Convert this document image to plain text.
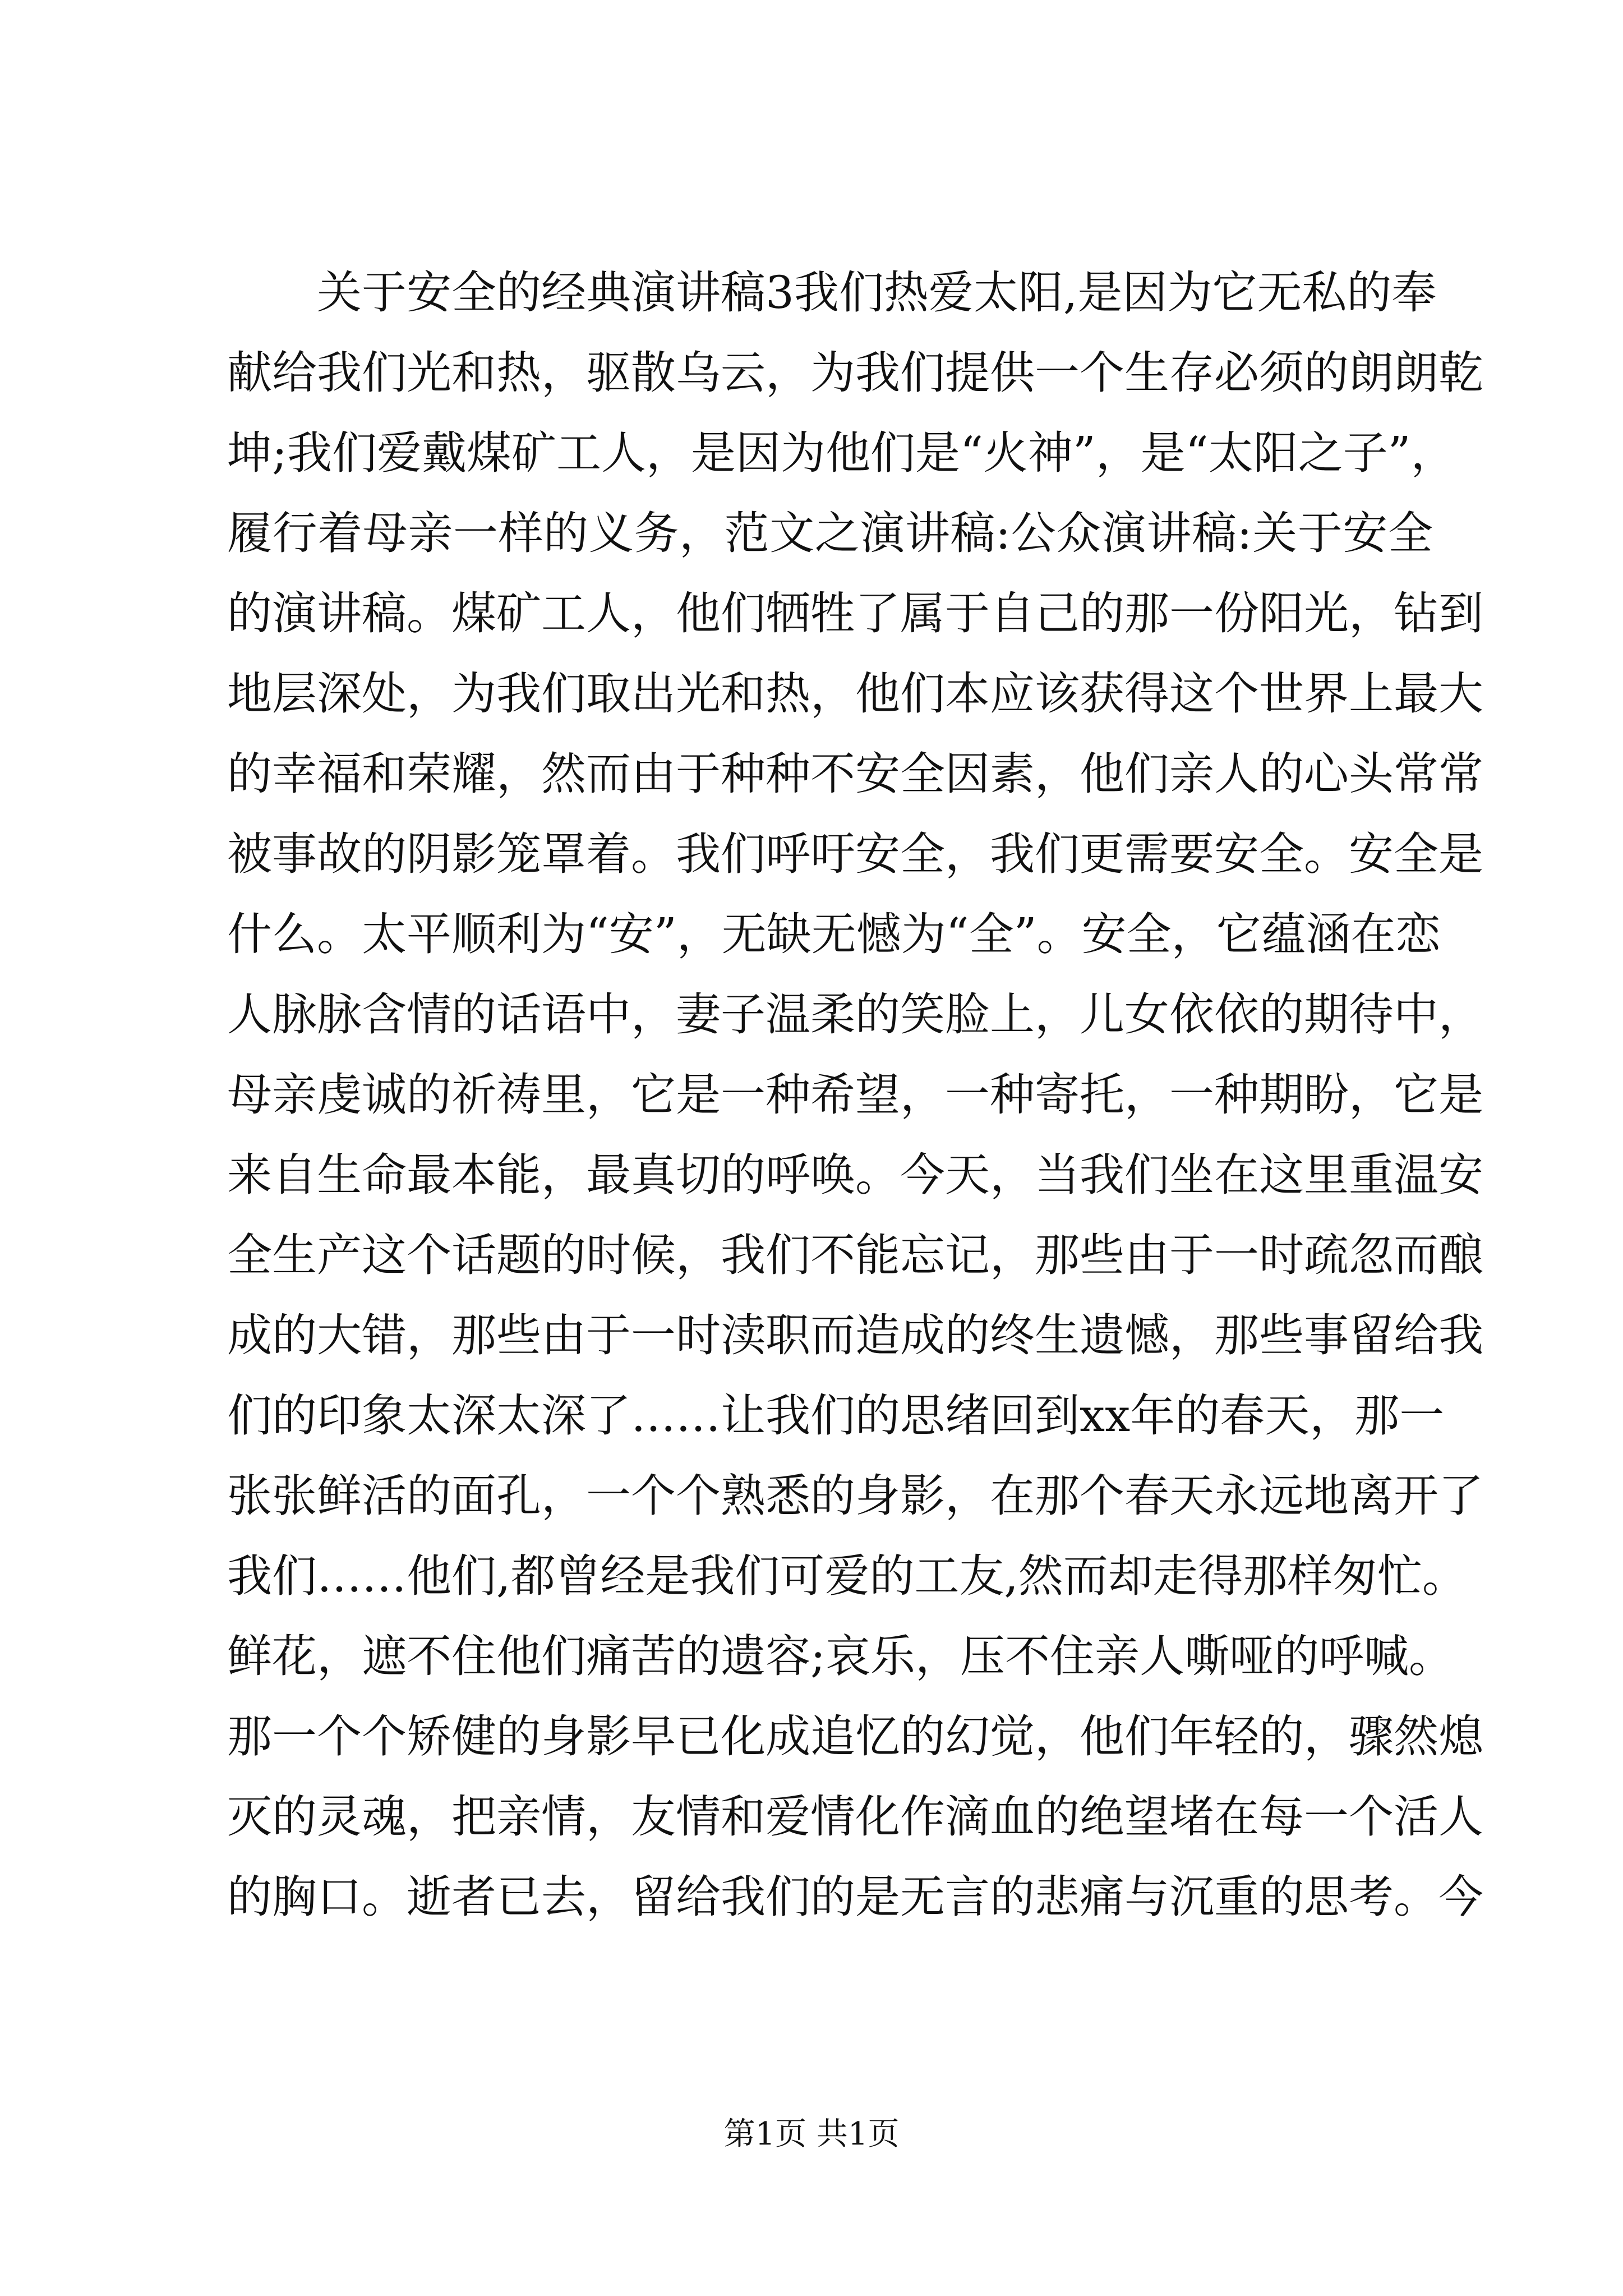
关于安全的经典演讲稿3我们热爱太阳,是因为它无私的奉
献给我们光和热，驱散乌云，为我们提供一个生存必须的朗朗乾
坤;我们爱戴煤矿工人，是因为他们是“火神”，是“太阳之子”，
履行着母亲一样的义务，范文之演讲稿:公众演讲稿:关于安全
的演讲稿。煤矿工人，他们牺牲了属于自己的那一份阳光，钻到
地层深处，为我们取出光和热，他们本应该获得这个世界上最大
的幸福和荣耀，然而由于种种不安全因素，他们亲人的心头常常
被事故的阴影笼罩着。我们呼吁安全，我们更需要安全。安全是
什么。太平顺利为“安”，无缺无憾为“全”。安全，它蕴涵在恋
人脉脉含情的话语中，妻子温柔的笑脸上，儿女依依的期待中，
母亲虔诚的祈祷里，它是一种希望，一种寄托，一种期盼，它是
来自生命最本能，最真切的呼唤。今天，当我们坐在这里重温安
全生产这个话题的时候，我们不能忘记，那些由于一时疏忽而酿
成的大错，那些由于一时渎职而造成的终生遗憾，那些事留给我
们的印象太深太深了……让我们的思绪回到xx年的春天，那一
张张鲜活的面孔，一个个熟悉的身影，在那个春天永远地离开了
我们……他们,都曾经是我们可爱的工友,然而却走得那样匆忙。
鲜花，遮不住他们痛苦的遗容;哀乐，压不住亲人嘶哑的呼喊。
那一个个矫健的身影早已化成追忆的幻觉，他们年轻的，骤然熄
灭的灵魂，把亲情，友情和爱情化作滴血的绝望堵在每一个活人
的胸口。逝者已去，留给我们的是无言的悲痛与沉重的思考。今
第1页 共1页
